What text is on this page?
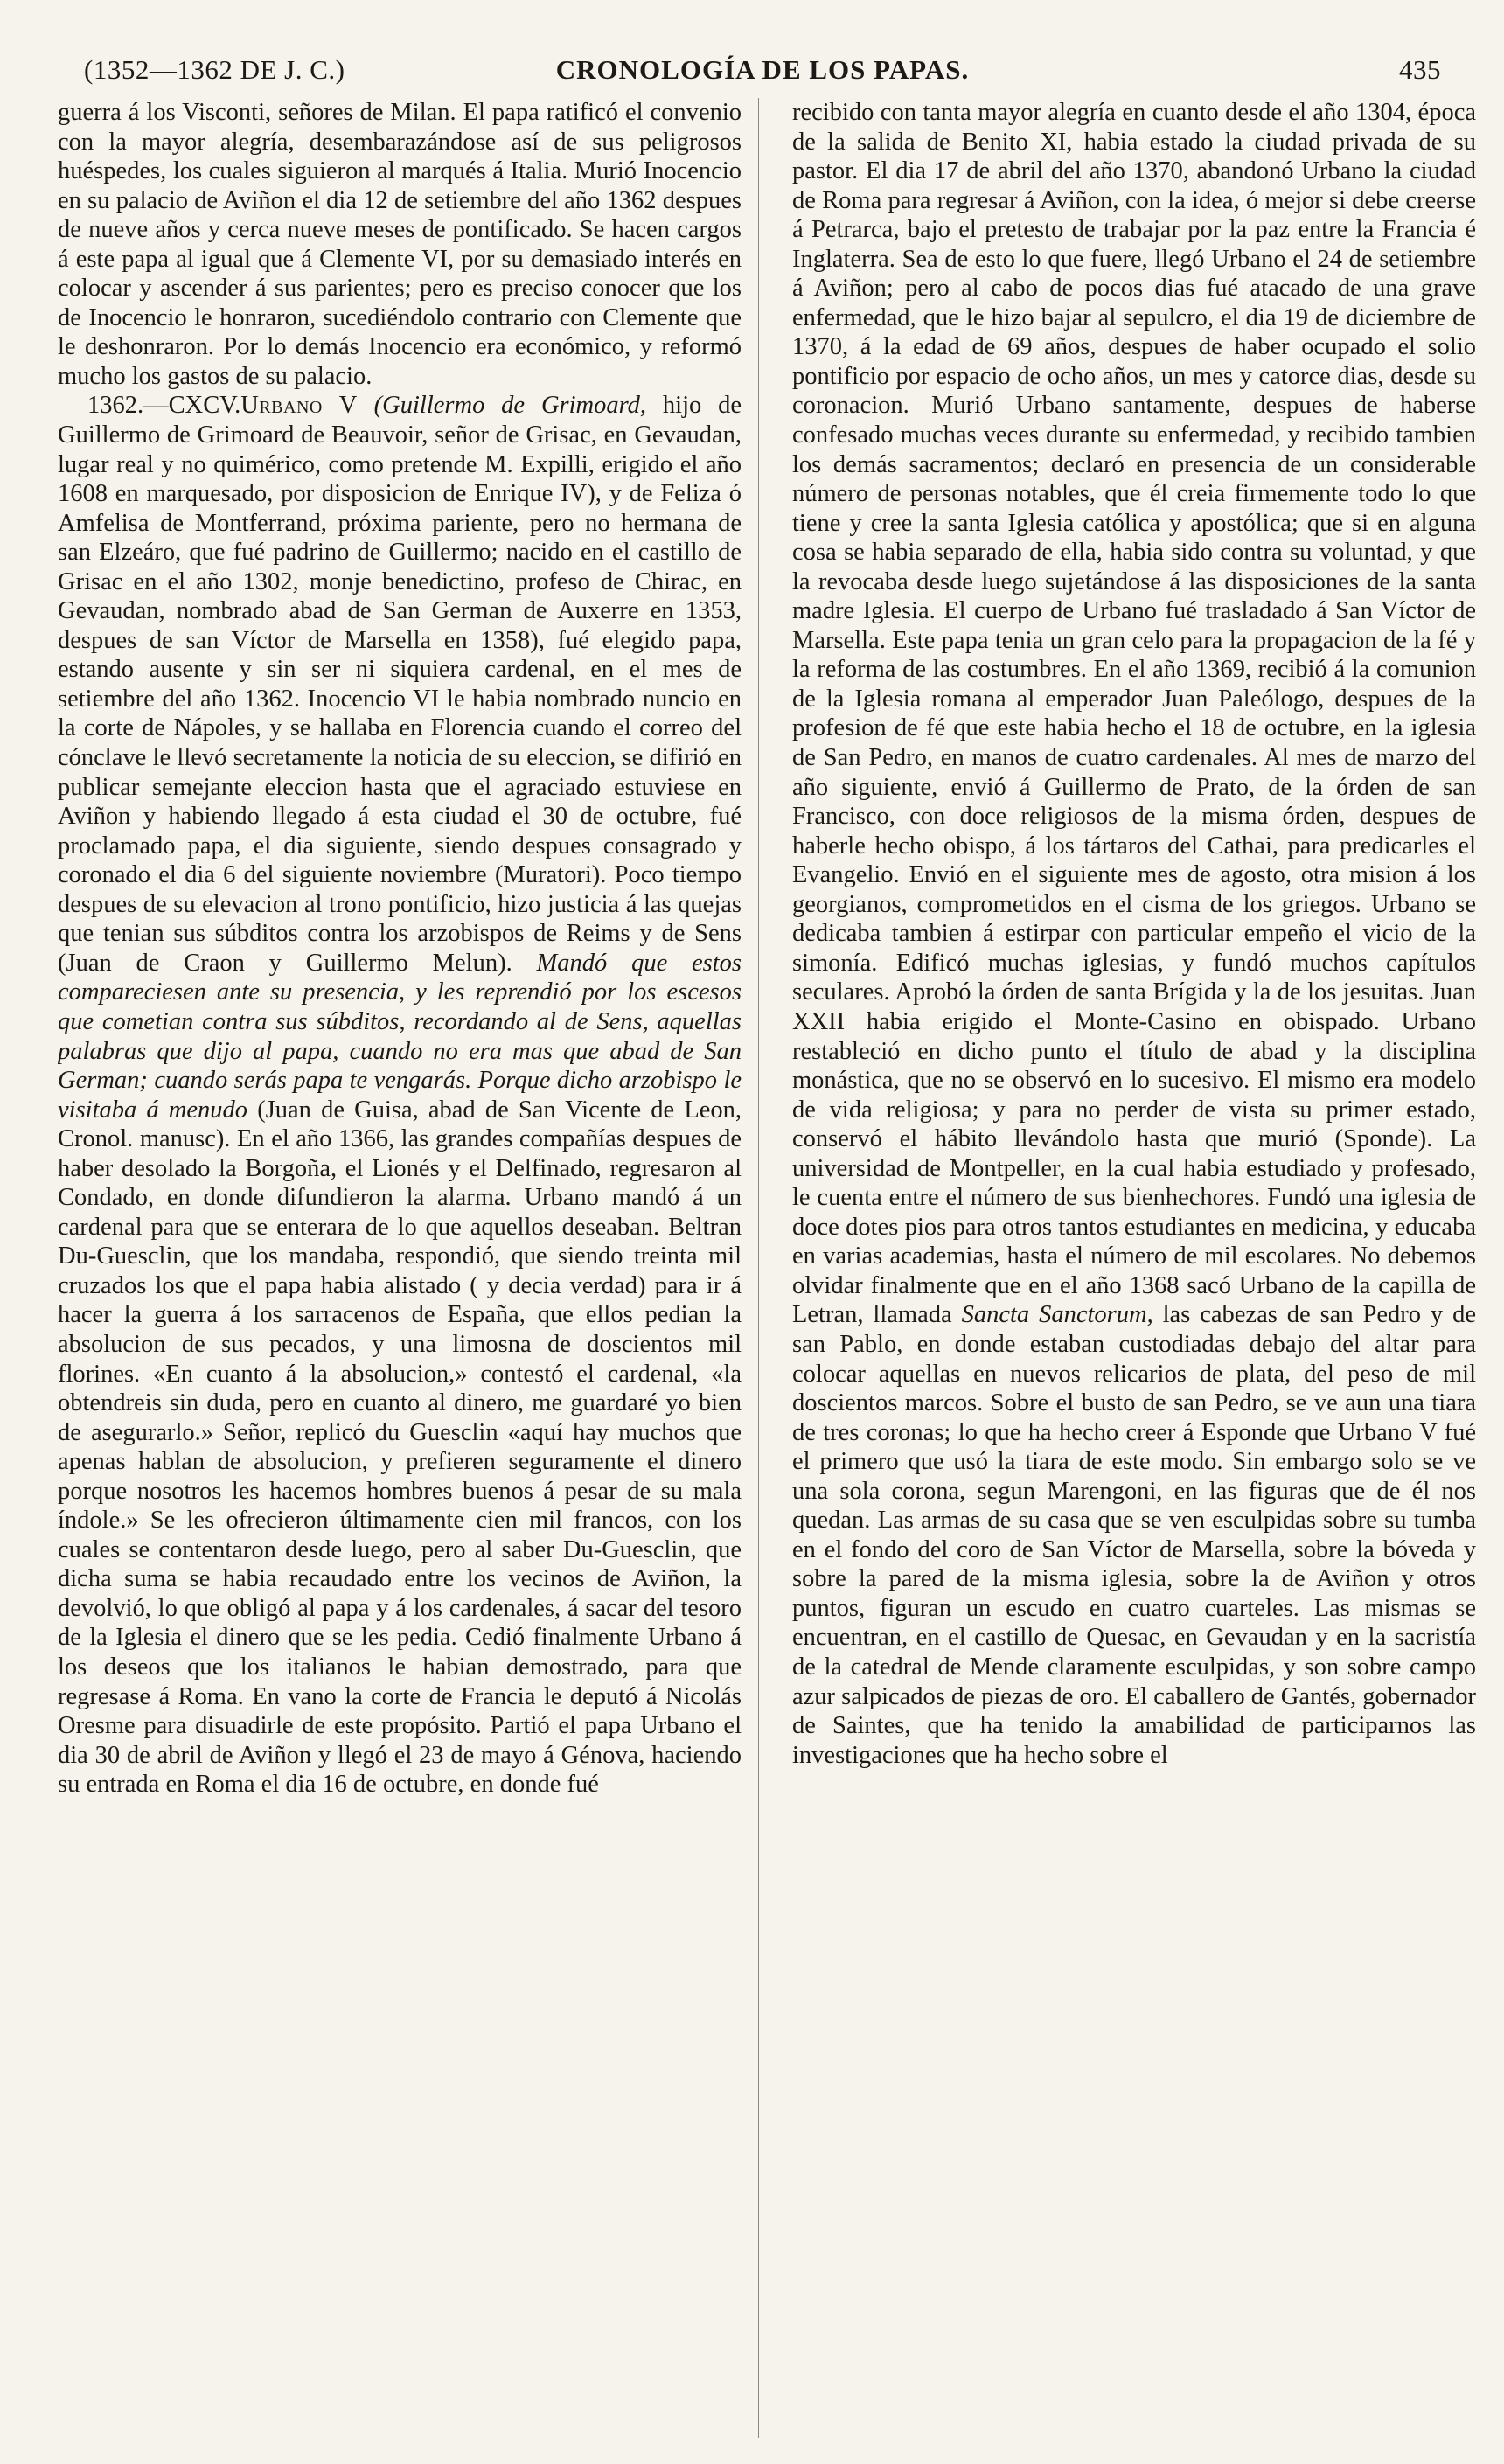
(1352—1362 DE J. C.)	CRONOLOGÍA DE LOS PAPAS.	435

guerra á los Visconti, señores de Milan. El papa ratificó el convenio con la mayor alegría, desembarazándose así de sus peligrosos huéspedes, los cuales siguieron al marqués á Italia. Murió Inocencio en su palacio de Aviñon el dia 12 de setiembre del año 1362 despues de nueve años y cerca nueve meses de pontificado. Se hacen cargos á este papa al igual que á Clemente VI, por su demasiado interés en colocar y ascender á sus parientes; pero es preciso conocer que los de Inocencio le honraron, sucediéndolo contrario con Clemente que le deshonraron. Por lo demás Inocencio era económico, y reformó mucho los gastos de su palacio.

1362.—CXCV.Urbano V (Guillermo de Grimoard, hijo de Guillermo de Grimoard de Beauvoir, señor de Grisac, en Gevaudan, lugar real y no quimérico, como pretende M. Expilli, erigido el año 1608 en marquesado, por disposicion de Enrique IV), y de Feliza ó Amfelisa de Montferrand, próxima pariente, pero no hermana de san Elzeáro, que fué padrino de Guillermo; nacido en el castillo de Grisac en el año 1302, monje benedictino, profeso de Chirac, en Gevaudan, nombrado abad de San German de Auxerre en 1353, despues de san Víctor de Marsella en 1358), fué elegido papa, estando ausente y sin ser ni siquiera cardenal, en el mes de setiembre del año 1362. Inocencio VI le habia nombrado nuncio en la corte de Nápoles, y se hallaba en Florencia cuando el correo del cónclave le llevó secretamente la noticia de su eleccion, se difirió en publicar semejante eleccion hasta que el agraciado estuviese en Aviñon y habiendo llegado á esta ciudad el 30 de octubre, fué proclamado papa, el dia siguiente, siendo despues consagrado y coronado el dia 6 del siguiente noviembre (Muratori). Poco tiempo despues de su elevacion al trono pontificio, hizo justicia á las quejas que tenian sus súbditos contra los arzobispos de Reims y de Sens (Juan de Craon y Guillermo Melun). Mandó que estos compareciesen ante su presencia, y les reprendió por los escesos que cometian contra sus súbditos, recordando al de Sens, aquellas palabras que dijo al papa, cuando no era mas que abad de San German; cuando serás papa te vengarás. Porque dicho arzobispo le visitaba á menudo (Juan de Guisa, abad de San Vicente de Leon, Cronol. manusc). En el año 1366, las grandes compañías despues de haber desolado la Borgoña, el Lionés y el Delfinado, regresaron al Condado, en donde difundieron la alarma. Urbano mandó á un cardenal para que se enterara de lo que aquellos deseaban. Beltran Du-Guesclin, que los mandaba, respondió, que siendo treinta mil cruzados los que el papa habia alistado ( y decia verdad) para ir á hacer la guerra á los sarracenos de España, que ellos pedian la absolucion de sus pecados, y una limosna de doscientos mil florines. «En cuanto á la absolucion,» contestó el cardenal, «la obtendreis sin duda, pero en cuanto al dinero, me guardaré yo bien de asegurarlo.» Señor, replicó du Guesclin «aquí hay muchos que apenas hablan de absolucion, y prefieren seguramente el dinero porque nosotros les hacemos hombres buenos á pesar de su mala índole.» Se les ofrecieron últimamente cien mil francos, con los cuales se contentaron desde luego, pero al saber Du-Guesclin, que dicha suma se habia recaudado entre los vecinos de Aviñon, la devolvió, lo que obligó al papa y á los cardenales, á sacar del tesoro de la Iglesia el dinero que se les pedia. Cedió finalmente Urbano á los deseos que los italianos le habian demostrado, para que regresase á Roma. En vano la corte de Francia le deputó á Nicolás Oresme para disuadirle de este propósito. Partió el papa Urbano el dia 30 de abril de Aviñon y llegó el 23 de mayo á Génova, haciendo su entrada en Roma el dia 16 de octubre, en donde fué

recibido con tanta mayor alegría en cuanto desde el año 1304, época de la salida de Benito XI, habia estado la ciudad privada de su pastor. El dia 17 de abril del año 1370, abandonó Urbano la ciudad de Roma para regresar á Aviñon, con la idea, ó mejor si debe creerse á Petrarca, bajo el pretesto de trabajar por la paz entre la Francia é Inglaterra. Sea de esto lo que fuere, llegó Urbano el 24 de setiembre á Aviñon; pero al cabo de pocos dias fué atacado de una grave enfermedad, que le hizo bajar al sepulcro, el dia 19 de diciembre de 1370, á la edad de 69 años, despues de haber ocupado el solio pontificio por espacio de ocho años, un mes y catorce dias, desde su coronacion. Murió Urbano santamente, despues de haberse confesado muchas veces durante su enfermedad, y recibido tambien los demás sacramentos; declaró en presencia de un considerable número de personas notables, que él creia firmemente todo lo que tiene y cree la santa Iglesia católica y apostólica; que si en alguna cosa se habia separado de ella, habia sido contra su voluntad, y que la revocaba desde luego sujetándose á las disposiciones de la santa madre Iglesia. El cuerpo de Urbano fué trasladado á San Víctor de Marsella. Este papa tenia un gran celo para la propagacion de la fé y la reforma de las costumbres. En el año 1369, recibió á la comunion de la Iglesia romana al emperador Juan Paleólogo, despues de la profesion de fé que este habia hecho el 18 de octubre, en la iglesia de San Pedro, en manos de cuatro cardenales. Al mes de marzo del año siguiente, envió á Guillermo de Prato, de la órden de san Francisco, con doce religiosos de la misma órden, despues de haberle hecho obispo, á los tártaros del Cathai, para predicarles el Evangelio. Envió en el siguiente mes de agosto, otra mision á los georgianos, comprometidos en el cisma de los griegos. Urbano se dedicaba tambien á estirpar con particular empeño el vicio de la simonía. Edificó muchas iglesias, y fundó muchos capítulos seculares. Aprobó la órden de santa Brígida y la de los jesuitas. Juan XXII habia erigido el Monte-Casino en obispado. Urbano restableció en dicho punto el título de abad y la disciplina monástica, que no se observó en lo sucesivo. El mismo era modelo de vida religiosa; y para no perder de vista su primer estado, conservó el hábito llevándolo hasta que murió (Sponde). La universidad de Montpeller, en la cual habia estudiado y profesado, le cuenta entre el número de sus bienhechores. Fundó una iglesia de doce dotes pios para otros tantos estudiantes en medicina, y educaba en varias academias, hasta el número de mil escolares. No debemos olvidar finalmente que en el año 1368 sacó Urbano de la capilla de Letran, llamada Sancta Sanctorum, las cabezas de san Pedro y de san Pablo, en donde estaban custodiadas debajo del altar para colocar aquellas en nuevos relicarios de plata, del peso de mil doscientos marcos. Sobre el busto de san Pedro, se ve aun una tiara de tres coronas; lo que ha hecho creer á Esponde que Urbano V fué el primero que usó la tiara de este modo. Sin embargo solo se ve una sola corona, segun Marengoni, en las figuras que de él nos quedan. Las armas de su casa que se ven esculpidas sobre su tumba en el fondo del coro de San Víctor de Marsella, sobre la bóveda y sobre la pared de la misma iglesia, sobre la de Aviñon y otros puntos, figuran un escudo en cuatro cuarteles. Las mismas se encuentran, en el castillo de Quesac, en Gevaudan y en la sacristía de la catedral de Mende claramente esculpidas, y son sobre campo azur salpicados de piezas de oro. El caballero de Gantés, gobernador de Saintes, que ha tenido la amabilidad de participarnos las investigaciones que ha hecho sobre el
